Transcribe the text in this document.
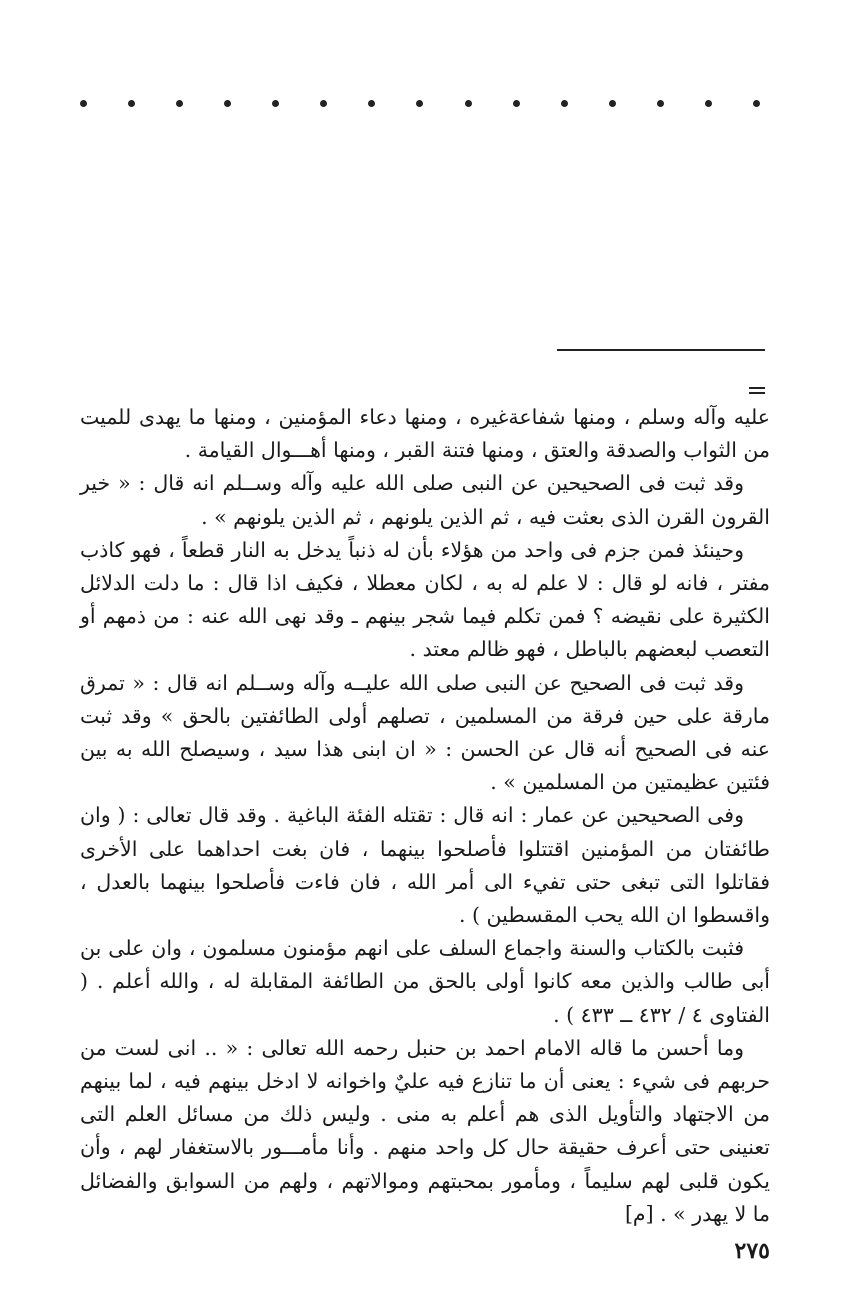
عليه وآله وسلم ، ومنها شفاعةغيره ، ومنها دعاء المؤمنين ، ومنها ما يهدى للميت من الثواب والصدقة والعتق ، ومنها فتنة القبر ، ومنها أهـــوال القيامة .

وقد ثبت فى الصحيحين عن النبى صلى الله عليه وآله وســلم انه قال : « خير القرون القرن الذى بعثت فيه ، ثم الذين يلونهم ، ثم الذين يلونهم » .

وحينئذ فمن جزم فى واحد من هؤلاء بأن له ذنباً يدخل به النار قطعاً ، فهو كاذب مفتر ، فانه لو قال : لا علم له به ، لكان معطلا ، فكيف اذا قال : ما دلت الدلائل الكثيرة على نقيضه ؟ فمن تكلم فيما شجر بينهم ـ وقد نهى الله عنه : من ذمهم أو التعصب لبعضهم بالباطل ، فهو ظالم معتد .

وقد ثبت فى الصحيح عن النبى صلى الله عليــه وآله وســلم انه قال : « تمرق مارقة على حين فرقة من المسلمين ، تصلهم أولى الطائفتين بالحق » وقد ثبت عنه فى الصحيح أنه قال عن الحسن : « ان ابنى هذا سيد ، وسيصلح الله به بين فئتين عظيمتين من المسلمين » .

وفى الصحيحين عن عمار : انه قال : تقتله الفئة الباغية . وقد قال تعالى : ( وان طائفتان من المؤمنين اقتتلوا فأصلحوا بينهما ، فان بغت احداهما على الأخرى فقاتلوا التى تبغى حتى تفيء الى أمر الله ، فان فاءت فأصلحوا بينهما بالعدل ، واقسطوا ان الله يحب المقسطين ) .

فثبت بالكتاب والسنة واجماع السلف على انهم مؤمنون مسلمون ، وان على بن أبى طالب والذين معه كانوا أولى بالحق من الطائفة المقابلة له ، والله أعلم . ( الفتاوى ٤ / ٤٣٢ ــ ٤٣٣ ) .

وما أحسن ما قاله الامام احمد بن حنبل رحمه الله تعالى : « .. انى لست من حربهم فى شيء : يعنى أن ما تنازع فيه عليٌ واخوانه لا ادخل بينهم فيه ، لما بينهم من الاجتهاد والتأويل الذى هم أعلم به منى . وليس ذلك من مسائل العلم التى تعنينى حتى أعرف حقيقة حال كل واحد منهم . وأنا مأمـــور بالاستغفار لهم ، وأن يكون قلبى لهم سليماً ، ومأمور بمحبتهم وموالاتهم ، ولهم من السوابق والفضائل ما لا يهدر » . [م]

٢٧٥
